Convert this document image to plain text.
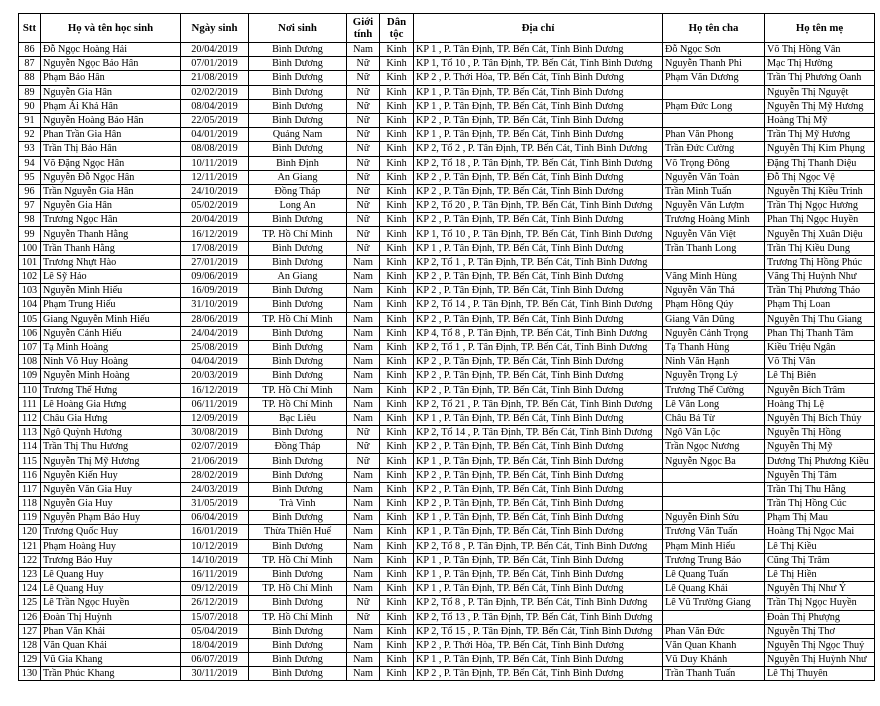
Stt	Họ và tên học sinh	Ngày sinh	Nơi sinh	Giới tính	Dân tộc	Địa chỉ	Họ tên cha	Họ tên mẹ
86	Đỗ Ngọc Hoàng Hải	20/04/2019	Bình Dương	Nam	Kinh	KP 1 , P. Tân Định, TP. Bến Cát, Tỉnh Bình Dương	Đỗ Ngọc Sơn	Võ Thị Hồng Vân
87	Nguyễn Ngọc Bảo Hân	07/01/2019	Bình Dương	Nữ	Kinh	KP 1, Tổ 10 , P. Tân Định, TP. Bến Cát, Tỉnh Bình Dương	Nguyễn Thanh Phi	Mạc Thị Hường
88	Phạm Bảo Hân	21/08/2019	Bình Dương	Nữ	Kinh	KP 2 , P. Thới Hòa, TP. Bến Cát, Tỉnh Bình Dương	Phạm Văn Dương	Trần Thị Phương Oanh
89	Nguyễn Gia Hân	02/02/2019	Bình Dương	Nữ	Kinh	KP 1 , P. Tân Định, TP. Bến Cát, Tỉnh Bình Dương		Nguyễn Thị Nguyệt
90	Phạm Ái Khả Hân	08/04/2019	Bình Dương	Nữ	Kinh	KP 1 , P. Tân Định, TP. Bến Cát, Tỉnh Bình Dương	Phạm Đức Long	Nguyễn Thị Mỹ Hương
91	Nguyễn Hoàng Bảo Hân	22/05/2019	Bình Dương	Nữ	Kinh	KP 2 , P. Tân Định, TP. Bến Cát, Tỉnh Bình Dương		Hoàng Thị Mỹ
92	Phan Trần Gia Hân	04/01/2019	Quảng Nam	Nữ	Kinh	KP 1 , P. Tân Định, TP. Bến Cát, Tỉnh Bình Dương	Phan Văn Phong	Trần Thị Mỹ Hương
93	Trần Thị Bảo Hân	08/08/2019	Bình Dương	Nữ	Kinh	KP 2, Tổ 2 , P. Tân Định, TP. Bến Cát, Tỉnh Bình Dương	Trần Đức Cường	Nguyễn Thị Kim Phụng
94	Võ Đặng Ngọc Hân	10/11/2019	Bình Định	Nữ	Kinh	KP 2, Tổ 18 , P. Tân Định, TP. Bến Cát, Tỉnh Bình Dương	Võ Trọng Đông	Đặng Thị Thanh Diệu
95	Nguyễn Đỗ Ngọc Hân	12/11/2019	An Giang	Nữ	Kinh	KP 2 , P. Tân Định, TP. Bến Cát, Tỉnh Bình Dương	Nguyễn Văn Toàn	Đỗ Thị Ngọc Vệ
96	Trần Nguyễn Gia Hân	24/10/2019	Đồng Tháp	Nữ	Kinh	KP 2 , P. Tân Định, TP. Bến Cát, Tỉnh Bình Dương	Trần Minh Tuấn	Nguyễn Thị Kiều Trinh
97	Nguyễn Gia Hân	05/02/2019	Long An	Nữ	Kinh	KP 2, Tổ 20 , P. Tân Định, TP. Bến Cát, Tỉnh Bình Dương	Nguyễn Văn Lượm	Trần Thị Ngọc Hương
98	Trương Ngọc Hân	20/04/2019	Bình Dương	Nữ	Kinh	KP 2 , P. Tân Định, TP. Bến Cát, Tỉnh Bình Dương	Trương Hoàng Minh	Phan Thị Ngọc Huyền
99	Nguyễn Thanh Hằng	16/12/2019	TP. Hồ Chí Minh	Nữ	Kinh	KP 1, Tổ 10 , P. Tân Định, TP. Bến Cát, Tỉnh Bình Dương	Nguyễn Văn Việt	Nguyễn Thị Xuân Diệu
100	Trần Thanh Hằng	17/08/2019	Bình Dương	Nữ	Kinh	KP 1 , P. Tân Định, TP. Bến Cát, Tỉnh Bình Dương	Trần Thanh Long	Trần Thị Kiều Dung
101	Trương Nhựt Hào	27/01/2019	Bình Dương	Nam	Kinh	KP 2, Tổ 1 , P. Tân Định, TP. Bến Cát, Tỉnh Bình Dương		Trương Thị Hồng Phúc
102	Lê Sỹ Hảo	09/06/2019	An Giang	Nam	Kinh	KP 2 , P. Tân Định, TP. Bến Cát, Tỉnh Bình Dương	Vãng Minh Hùng	Vãng Thị Huỳnh Như
103	Nguyễn Minh Hiếu	16/09/2019	Bình Dương	Nam	Kinh	KP 2 , P. Tân Định, TP. Bến Cát, Tỉnh Bình Dương	Nguyễn Văn Thá	Trần Thị Phương Thảo
104	Phạm Trung Hiếu	31/10/2019	Bình Dương	Nam	Kinh	KP 2, Tổ 14 , P. Tân Định, TP. Bến Cát, Tỉnh Bình Dương	Phạm Hồng Qúy	Phạm Thị Loan
105	Giang Nguyễn Minh Hiếu	28/06/2019	TP. Hồ Chí Minh	Nam	Kinh	KP 2 , P. Tân Định, TP. Bến Cát, Tỉnh Bình Dương	Giang Văn Dũng	Nguyễn Thị Thu Giang
106	Nguyễn Cảnh Hiếu	24/04/2019	Bình Dương	Nam	Kinh	KP 4, Tổ 8 , P. Tân Định, TP. Bến Cát, Tỉnh Bình Dương	Nguyễn Cảnh Trọng	Phan Thị Thanh Tâm
107	Tạ Minh Hoàng	25/08/2019	Bình Dương	Nam	Kinh	KP 2, Tổ 1 , P. Tân Định, TP. Bến Cát, Tỉnh Bình Dương	Tạ Thanh Hùng	Kiều Triệu Ngân
108	Ninh Võ Huy Hoàng	04/04/2019	Bình Dương	Nam	Kinh	KP 2 , P. Tân Định, TP. Bến Cát, Tỉnh Bình Dương	Ninh Văn Hạnh	Võ Thị Vân
109	Nguyễn Minh Hoàng	20/03/2019	Bình Dương	Nam	Kinh	KP 2 , P. Tân Định, TP. Bến Cát, Tỉnh Bình Dương	Nguyễn Trọng Lý	Lê Thị Biên
110	Trương Thế Hưng	16/12/2019	TP. Hồ Chí Minh	Nam	Kinh	KP 2 , P. Tân Định, TP. Bến Cát, Tỉnh Bình Dương	Trương Thế Cường	Nguyễn Bích Trâm
111	Lê Hoàng Gia Hưng	06/11/2019	TP. Hồ Chí Minh	Nam	Kinh	KP 2, Tổ 21 , P. Tân Định, TP. Bến Cát, Tỉnh Bình Dương	Lê Văn Long	Hoàng Thị Lệ
112	Châu Gia Hưng	12/09/2019	Bạc Liêu	Nam	Kinh	KP 1 , P. Tân Định, TP. Bến Cát, Tỉnh Bình Dương	Châu Bá Từ	Nguyễn Thị Bích Thủy
113	Ngô Quỳnh Hương	30/08/2019	Bình Dương	Nữ	Kinh	KP 2, Tổ 14 , P. Tân Định, TP. Bến Cát, Tỉnh Bình Dương	Ngô Văn Lộc	Nguyễn Thị Hồng
114	Trần Thị Thu Hương	02/07/2019	Đồng Tháp	Nữ	Kinh	KP 2 , P. Tân Định, TP. Bến Cát, Tỉnh Bình Dương	Trần Ngọc Nương	Nguyễn Thị Mỹ
115	Nguyễn Thị Mỹ Hương	21/06/2019	Bình Dương	Nữ	Kinh	KP 1 , P. Tân Định, TP. Bến Cát, Tỉnh Bình Dương	Nguyễn Ngọc Ba	Dương Thị Phương Kiều
116	Nguyễn Kiến Huy	28/02/2019	Bình Dương	Nam	Kinh	KP 2 , P. Tân Định, TP. Bến Cát, Tỉnh Bình Dương		Nguyễn Thị Tâm
117	Nguyễn Văn Gia Huy	24/03/2019	Bình Dương	Nam	Kinh	KP 2 , P. Tân Định, TP. Bến Cát, Tỉnh Bình Dương		Trần Thị Thu Hằng
118	Nguyễn Gia Huy	31/05/2019	Trà Vinh	Nam	Kinh	KP 2 , P. Tân Định, TP. Bến Cát, Tỉnh Bình Dương		Trần Thị Hồng Cúc
119	Nguyễn Phạm Bảo Huy	06/04/2019	Bình Dương	Nam	Kinh	KP 1 , P. Tân Định, TP. Bến Cát, Tỉnh Bình Dương	Nguyễn Đình Sửu	Phạm Thị Mau
120	Trương Quốc Huy	16/01/2019	Thừa Thiên Huế	Nam	Kinh	KP 1 , P. Tân Định, TP. Bến Cát, Tỉnh Bình Dương	Trương Văn Tuấn	Hoàng Thị Ngọc Mai
121	Phạm Hoàng Huy	10/12/2019	Bình Dương	Nam	Kinh	KP 2, Tổ 8 , P. Tân Định, TP. Bến Cát, Tỉnh Bình Dương	Phạm Minh Hiếu	Lê Thị Kiều
122	Trương Bảo Huy	14/10/2019	TP. Hồ Chí Minh	Nam	Kinh	KP 1 , P. Tân Định, TP. Bến Cát, Tỉnh Bình Dương	Trương Trung Bảo	Cũng Thị Trâm
123	Lê Quang Huy	16/11/2019	Bình Dương	Nam	Kinh	KP 1 , P. Tân Định, TP. Bến Cát, Tỉnh Bình Dương	Lê Quang Tuấn	Lê Thị Hiền
124	Lê Quang Huy	09/12/2019	TP. Hồ Chí Minh	Nam	Kinh	KP 1 , P. Tân Định, TP. Bến Cát, Tỉnh Bình Dương	Lê Quang Khải	Nguyễn Thị Như Ý
125	Lê Trần Ngọc Huyền	26/12/2019	Bình Dương	Nữ	Kinh	KP 2, Tổ 8 , P. Tân Định, TP. Bến Cát, Tỉnh Bình Dương	Lê Vũ Trường Giang	Trần Thị Ngọc Huyền
126	Đoàn Thị Huỳnh	15/07/2018	TP. Hồ Chí Minh	Nữ	Kinh	KP 2, Tổ 13 , P. Tân Định, TP. Bến Cát, Tỉnh Bình Dương		Đoàn Thị Phượng
127	Phan Văn Khải	05/04/2019	Bình Dương	Nam	Kinh	KP 2, Tổ 15 , P. Tân Định, TP. Bến Cát, Tỉnh Bình Dương	Phan Văn Đức	Nguyễn Thị Thơ
128	Văn Quan Khải	18/04/2019	Bình Dương	Nam	Kinh	KP 2 , P. Thới Hòa, TP. Bến Cát, Tỉnh Bình Dương	Văn Quan Khanh	Nguyễn Thị Ngọc Thuý
129	Vũ Gia Khang	06/07/2019	Bình Dương	Nam	Kinh	KP 1 , P. Tân Định, TP. Bến Cát, Tỉnh Bình Dương	Vũ Duy Khánh	Nguyễn Thị Huỳnh Như
130	Trần Phúc Khang	30/11/2019	Bình Dương	Nam	Kinh	KP 2 , P. Tân Định, TP. Bến Cát, Tỉnh Bình Dương	Trần Thanh Tuấn	Lê Thị Thuyên
